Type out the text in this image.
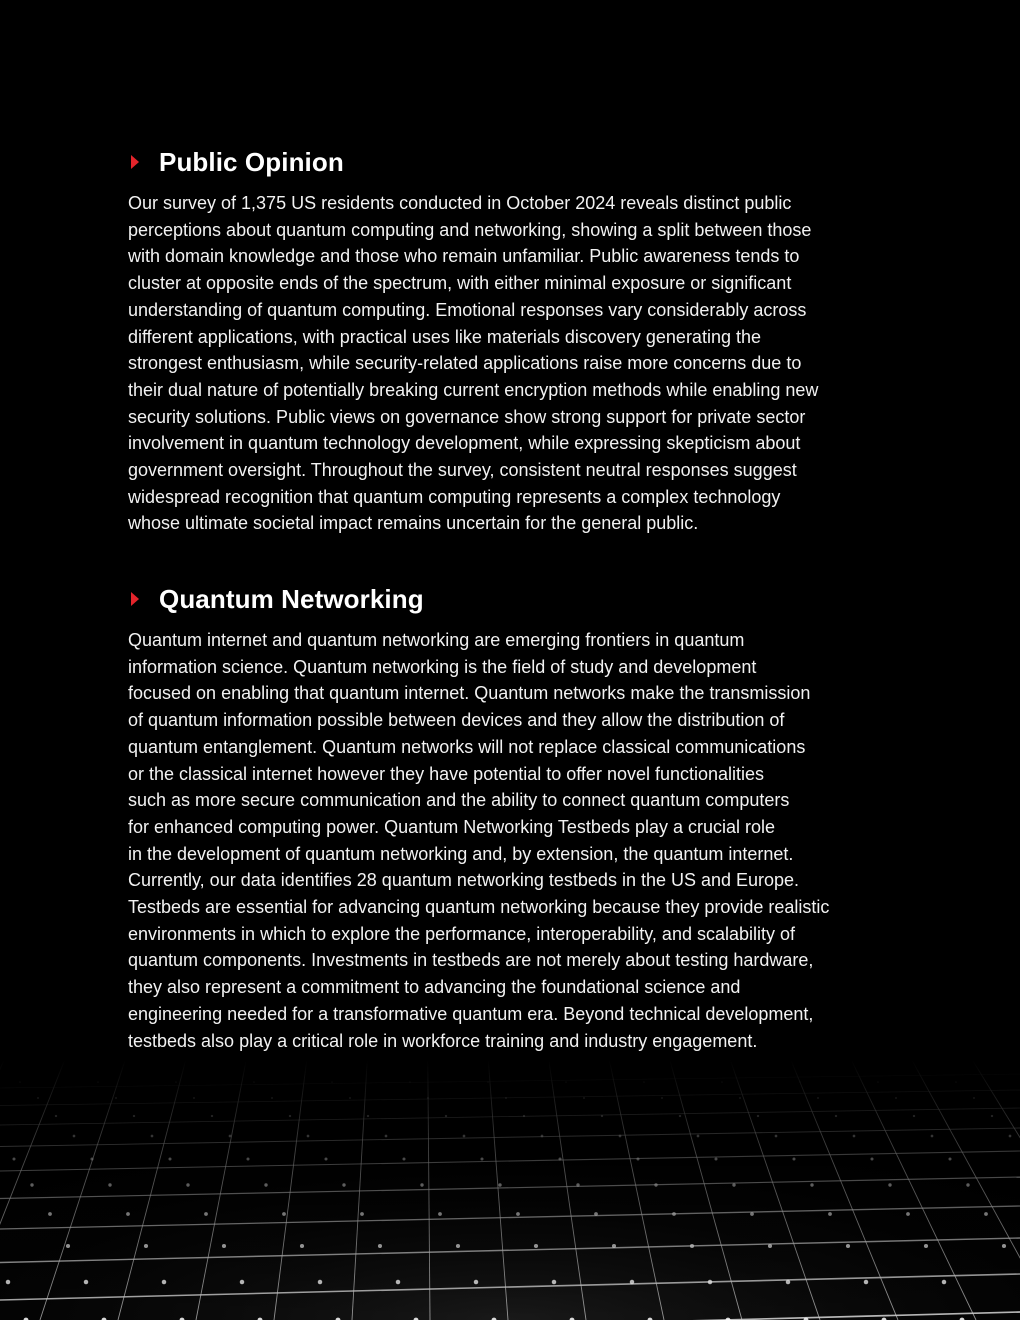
Public Opinion

Our survey of 1,375 US residents conducted in October 2024 reveals distinct public
perceptions about quantum computing and networking, showing a split between those
with domain knowledge and those who remain unfamiliar. Public awareness tends to
cluster at opposite ends of the spectrum, with either minimal exposure or significant
understanding of quantum computing. Emotional responses vary considerably across
different applications, with practical uses like materials discovery generating the
strongest enthusiasm, while security-related applications raise more concerns due to
their dual nature of potentially breaking current encryption methods while enabling new
security solutions. Public views on governance show strong support for private sector
involvement in quantum technology development, while expressing skepticism about
government oversight. Throughout the survey, consistent neutral responses suggest
widespread recognition that quantum computing represents a complex technology
whose ultimate societal impact remains uncertain for the general public.

Quantum Networking

Quantum internet and quantum networking are emerging frontiers in quantum
information science. Quantum networking is the field of study and development
focused on enabling that quantum internet. Quantum networks make the transmission
of quantum information possible between devices and they allow the distribution of
quantum entanglement. Quantum networks will not replace classical communications
or the classical internet however they have potential to offer novel functionalities
such as more secure communication and the ability to connect quantum computers
for enhanced computing power. Quantum Networking Testbeds play a crucial role
in the development of quantum networking and, by extension, the quantum internet.
Currently, our data identifies 28 quantum networking testbeds in the US and Europe.
Testbeds are essential for advancing quantum networking because they provide realistic
environments in which to explore the performance, interoperability, and scalability of
quantum components. Investments in testbeds are not merely about testing hardware,
they also represent a commitment to advancing the foundational science and
engineering needed for a transformative quantum era. Beyond technical development,
testbeds also play a critical role in workforce training and industry engagement.
